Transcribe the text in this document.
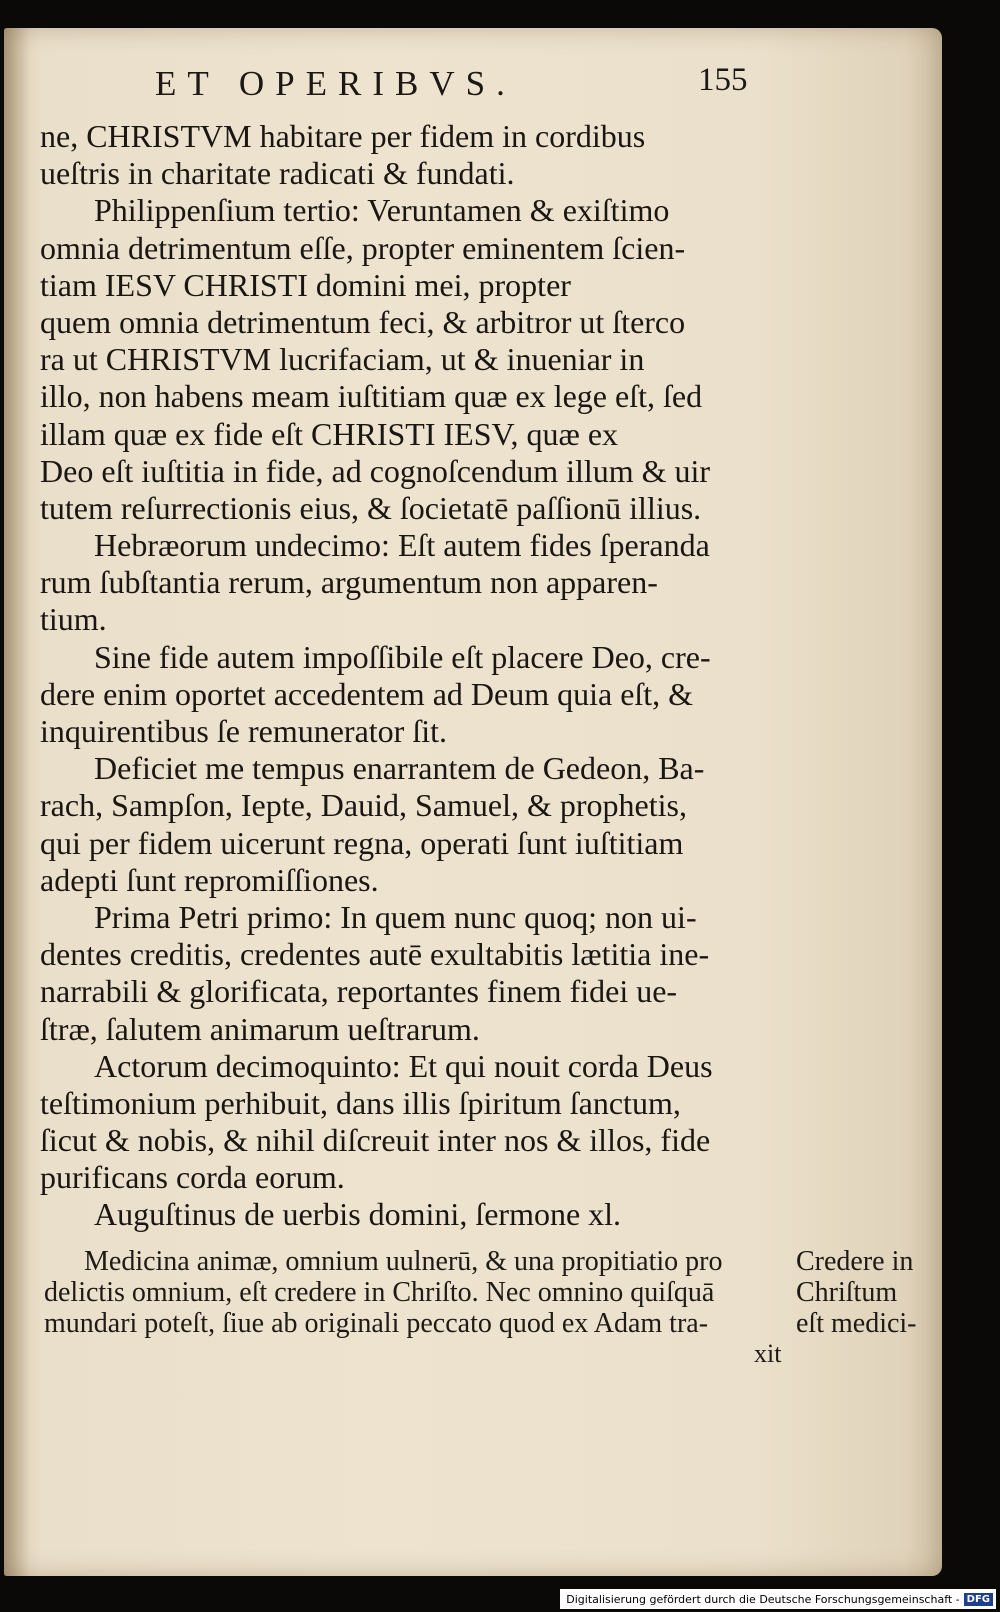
ET OPERIBVS.	155
ne, CHRISTVM habitare per fidem in cordibus
ueſtris in charitate radicati & fundati.
Philippenſium tertio: Veruntamen & exiſtimo
omnia detrimentum eſſe, propter eminentem ſcien-
tiam IESV CHRISTI domini mei, propter
quem omnia detrimentum feci, & arbitror ut ſterco
ra ut CHRISTVM lucrifaciam, ut & inueniar in
illo, non habens meam iuſtitiam quæ ex lege eſt, ſed
illam quæ ex fide eſt CHRISTI IESV, quæ ex
Deo eſt iuſtitia in fide, ad cognoſcendum illum & uir
tutem reſurrectionis eius, & ſocietatē paſſionū illius.
Hebræorum undecimo: Eſt autem fides ſperanda
rum ſubſtantia rerum, argumentum non apparen-
tium.
Sine fide autem impoſſibile eſt placere Deo, cre-
dere enim oportet accedentem ad Deum quia eſt, &
inquirentibus ſe remunerator ſit.
Deficiet me tempus enarrantem de Gedeon, Ba-
rach, Sampſon, Iepte, Dauid, Samuel, & prophetis,
qui per fidem uicerunt regna, operati ſunt iuſtitiam
adepti ſunt repromiſſiones.
Prima Petri primo: In quem nunc quoq; non ui-
dentes creditis, credentes autē exultabitis lætitia ine-
narrabili & glorificata, reportantes finem fidei ue-
ſtræ, ſalutem animarum ueſtrarum.
Actorum decimoquinto: Et qui nouit corda Deus
teſtimonium perhibuit, dans illis ſpiritum ſanctum,
ſicut & nobis, & nihil diſcreuit inter nos & illos, fide
purificans corda eorum.
Auguſtinus de uerbis domini, ſermone xl.
Medicina animæ, omnium uulnerū, & una propitiatio pro
delictis omnium, eſt credere in Chriſto. Nec omnino quiſquā
mundari poteſt, ſiue ab originali peccato quod ex Adam tra-
Credere in
Chriſtum
eſt medici-
xit
Digitalisierung gefördert durch die Deutsche Forschungsgemeinschaft - DFG
